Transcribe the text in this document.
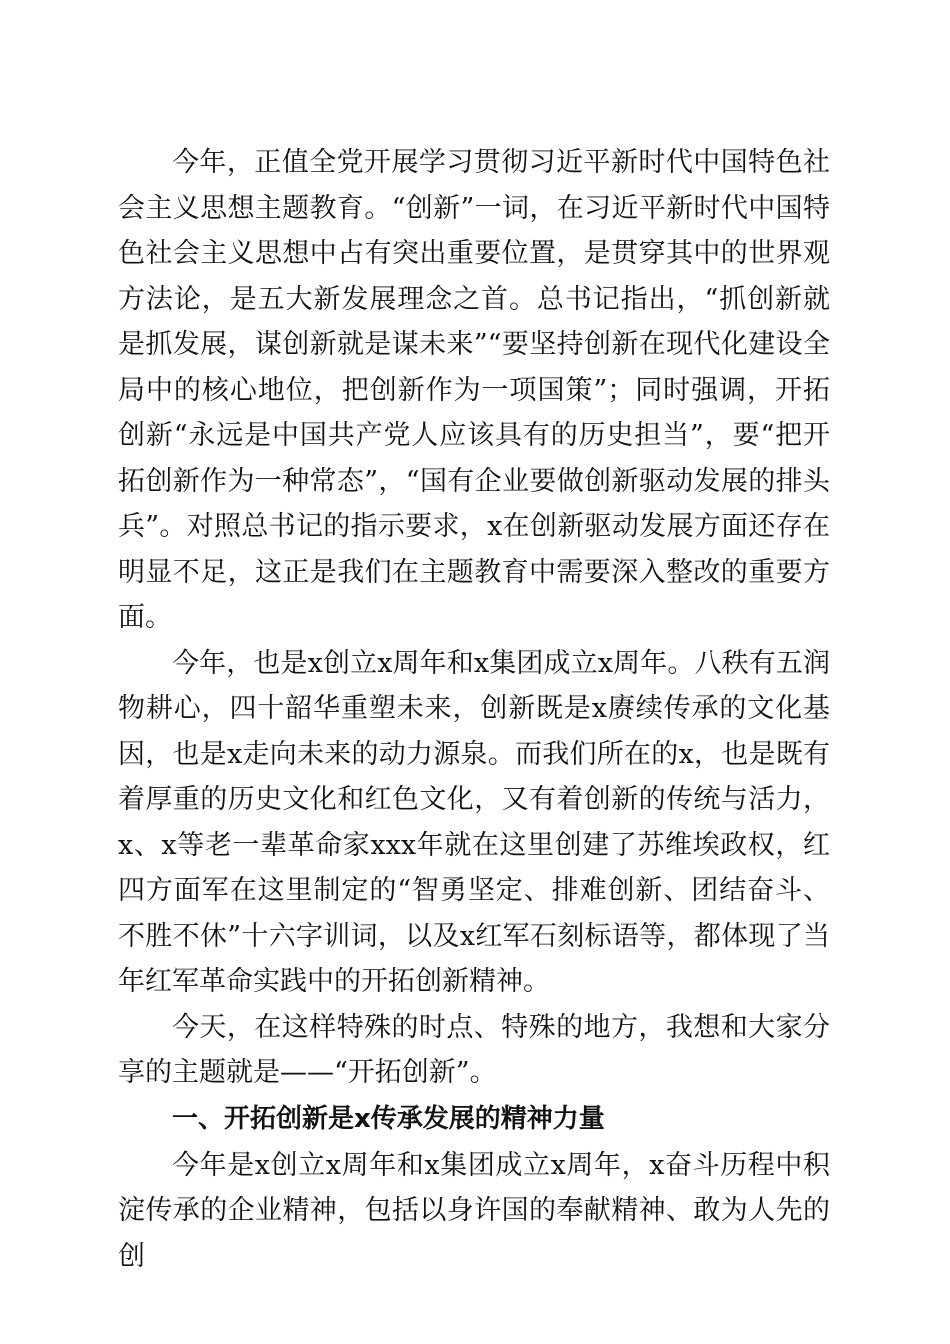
今年，正值全党开展学习贯彻习近平新时代中国特色社会主义思想主题教育。“创新”一词，在习近平新时代中国特色社会主义思想中占有突出重要位置，是贯穿其中的世界观方法论，是五大新发展理念之首。总书记指出，“抓创新就是抓发展，谋创新就是谋未来”“要坚持创新在现代化建设全局中的核心地位，把创新作为一项国策”；同时强调，开拓创新“永远是中国共产党人应该具有的历史担当”，要“把开拓创新作为一种常态”，“国有企业要做创新驱动发展的排头兵”。对照总书记的指示要求，x在创新驱动发展方面还存在明显不足，这正是我们在主题教育中需要深入整改的重要方面。

今年，也是x创立x周年和x集团成立x周年。八秩有五润物耕心，四十韶华重塑未来，创新既是x赓续传承的文化基因，也是x走向未来的动力源泉。而我们所在的x，也是既有着厚重的历史文化和红色文化，又有着创新的传统与活力，x、x等老一辈革命家xxx年就在这里创建了苏维埃政权，红四方面军在这里制定的“智勇坚定、排难创新、团结奋斗、不胜不休”十六字训词，以及x红军石刻标语等，都体现了当年红军革命实践中的开拓创新精神。

今天，在这样特殊的时点、特殊的地方，我想和大家分享的主题就是——“开拓创新”。

一、开拓创新是x传承发展的精神力量

今年是x创立x周年和x集团成立x周年，x奋斗历程中积淀传承的企业精神，包括以身许国的奉献精神、敢为人先的创
